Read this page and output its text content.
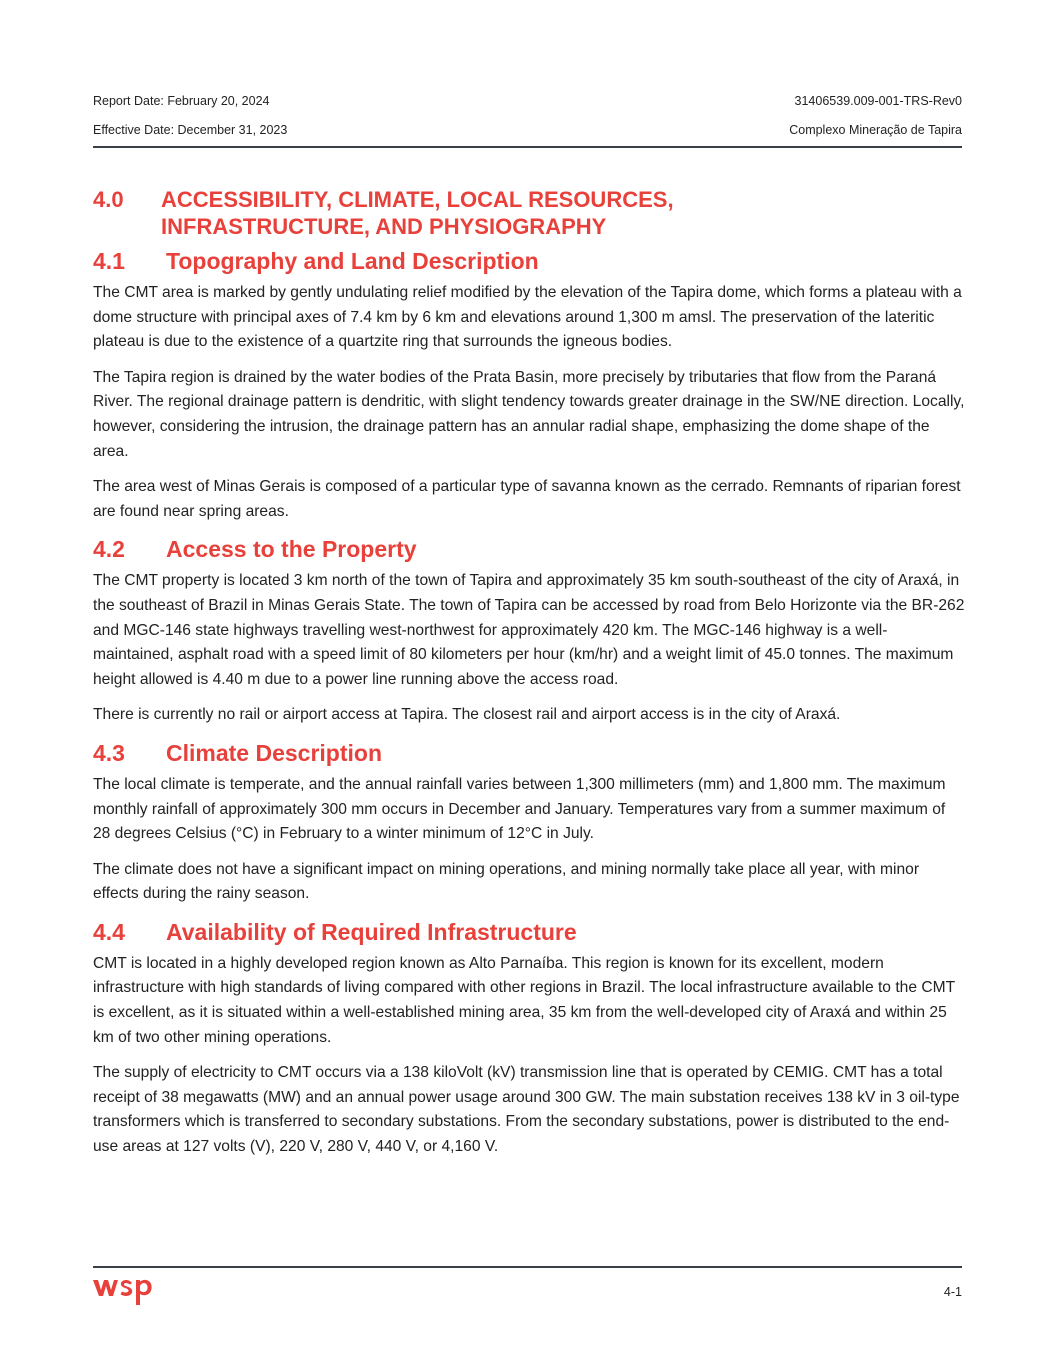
Report Date: February 20, 2024	31406539.009-001-TRS-Rev0
Effective Date: December 31, 2023	Complexo Mineração de Tapira
4.0	ACCESSIBILITY, CLIMATE, LOCAL RESOURCES,
INFRASTRUCTURE, AND PHYSIOGRAPHY
4.1	Topography and Land Description

The CMT area is marked by gently undulating relief modified by the elevation of the Tapira dome, which forms a plateau with a dome structure with principal axes of 7.4 km by 6 km and elevations around 1,300 m amsl. The preservation of the lateritic plateau is due to the existence of a quartzite ring that surrounds the igneous bodies.

The Tapira region is drained by the water bodies of the Prata Basin, more precisely by tributaries that flow from the Paraná River. The regional drainage pattern is dendritic, with slight tendency towards greater drainage in the SW/NE direction. Locally, however, considering the intrusion, the drainage pattern has an annular radial shape, emphasizing the dome shape of the area.

The area west of Minas Gerais is composed of a particular type of savanna known as the cerrado. Remnants of riparian forest are found near spring areas.

4.2	Access to the Property

The CMT property is located 3 km north of the town of Tapira and approximately 35 km south-southeast of the city of Araxá, in the southeast of Brazil in Minas Gerais State. The town of Tapira can be accessed by road from Belo Horizonte via the BR-262 and MGC-146 state highways travelling west-northwest for approximately 420 km. The MGC-146 highway is a well-maintained, asphalt road with a speed limit of 80 kilometers per hour (km/hr) and a weight limit of 45.0 tonnes. The maximum height allowed is 4.40 m due to a power line running above the access road.

There is currently no rail or airport access at Tapira. The closest rail and airport access is in the city of Araxá.

4.3	Climate Description

The local climate is temperate, and the annual rainfall varies between 1,300 millimeters (mm) and 1,800 mm. The maximum monthly rainfall of approximately 300 mm occurs in December and January. Temperatures vary from a summer maximum of 28 degrees Celsius (°C) in February to a winter minimum of 12°C in July.

The climate does not have a significant impact on mining operations, and mining normally take place all year, with minor effects during the rainy season.

4.4	Availability of Required Infrastructure

CMT is located in a highly developed region known as Alto Parnaíba. This region is known for its excellent, modern infrastructure with high standards of living compared with other regions in Brazil. The local infrastructure available to the CMT is excellent, as it is situated within a well-established mining area, 35 km from the well-developed city of Araxá and within 25 km of two other mining operations.

The supply of electricity to CMT occurs via a 138 kiloVolt (kV) transmission line that is operated by CEMIG. CMT has a total receipt of 38 megawatts (MW) and an annual power usage around 300 GW. The main substation receives 138 kV in 3 oil-type transformers which is transferred to secondary substations. From the secondary substations, power is distributed to the end-use areas at 127 volts (V), 220 V, 280 V, 440 V, or 4,160 V.

4-1
